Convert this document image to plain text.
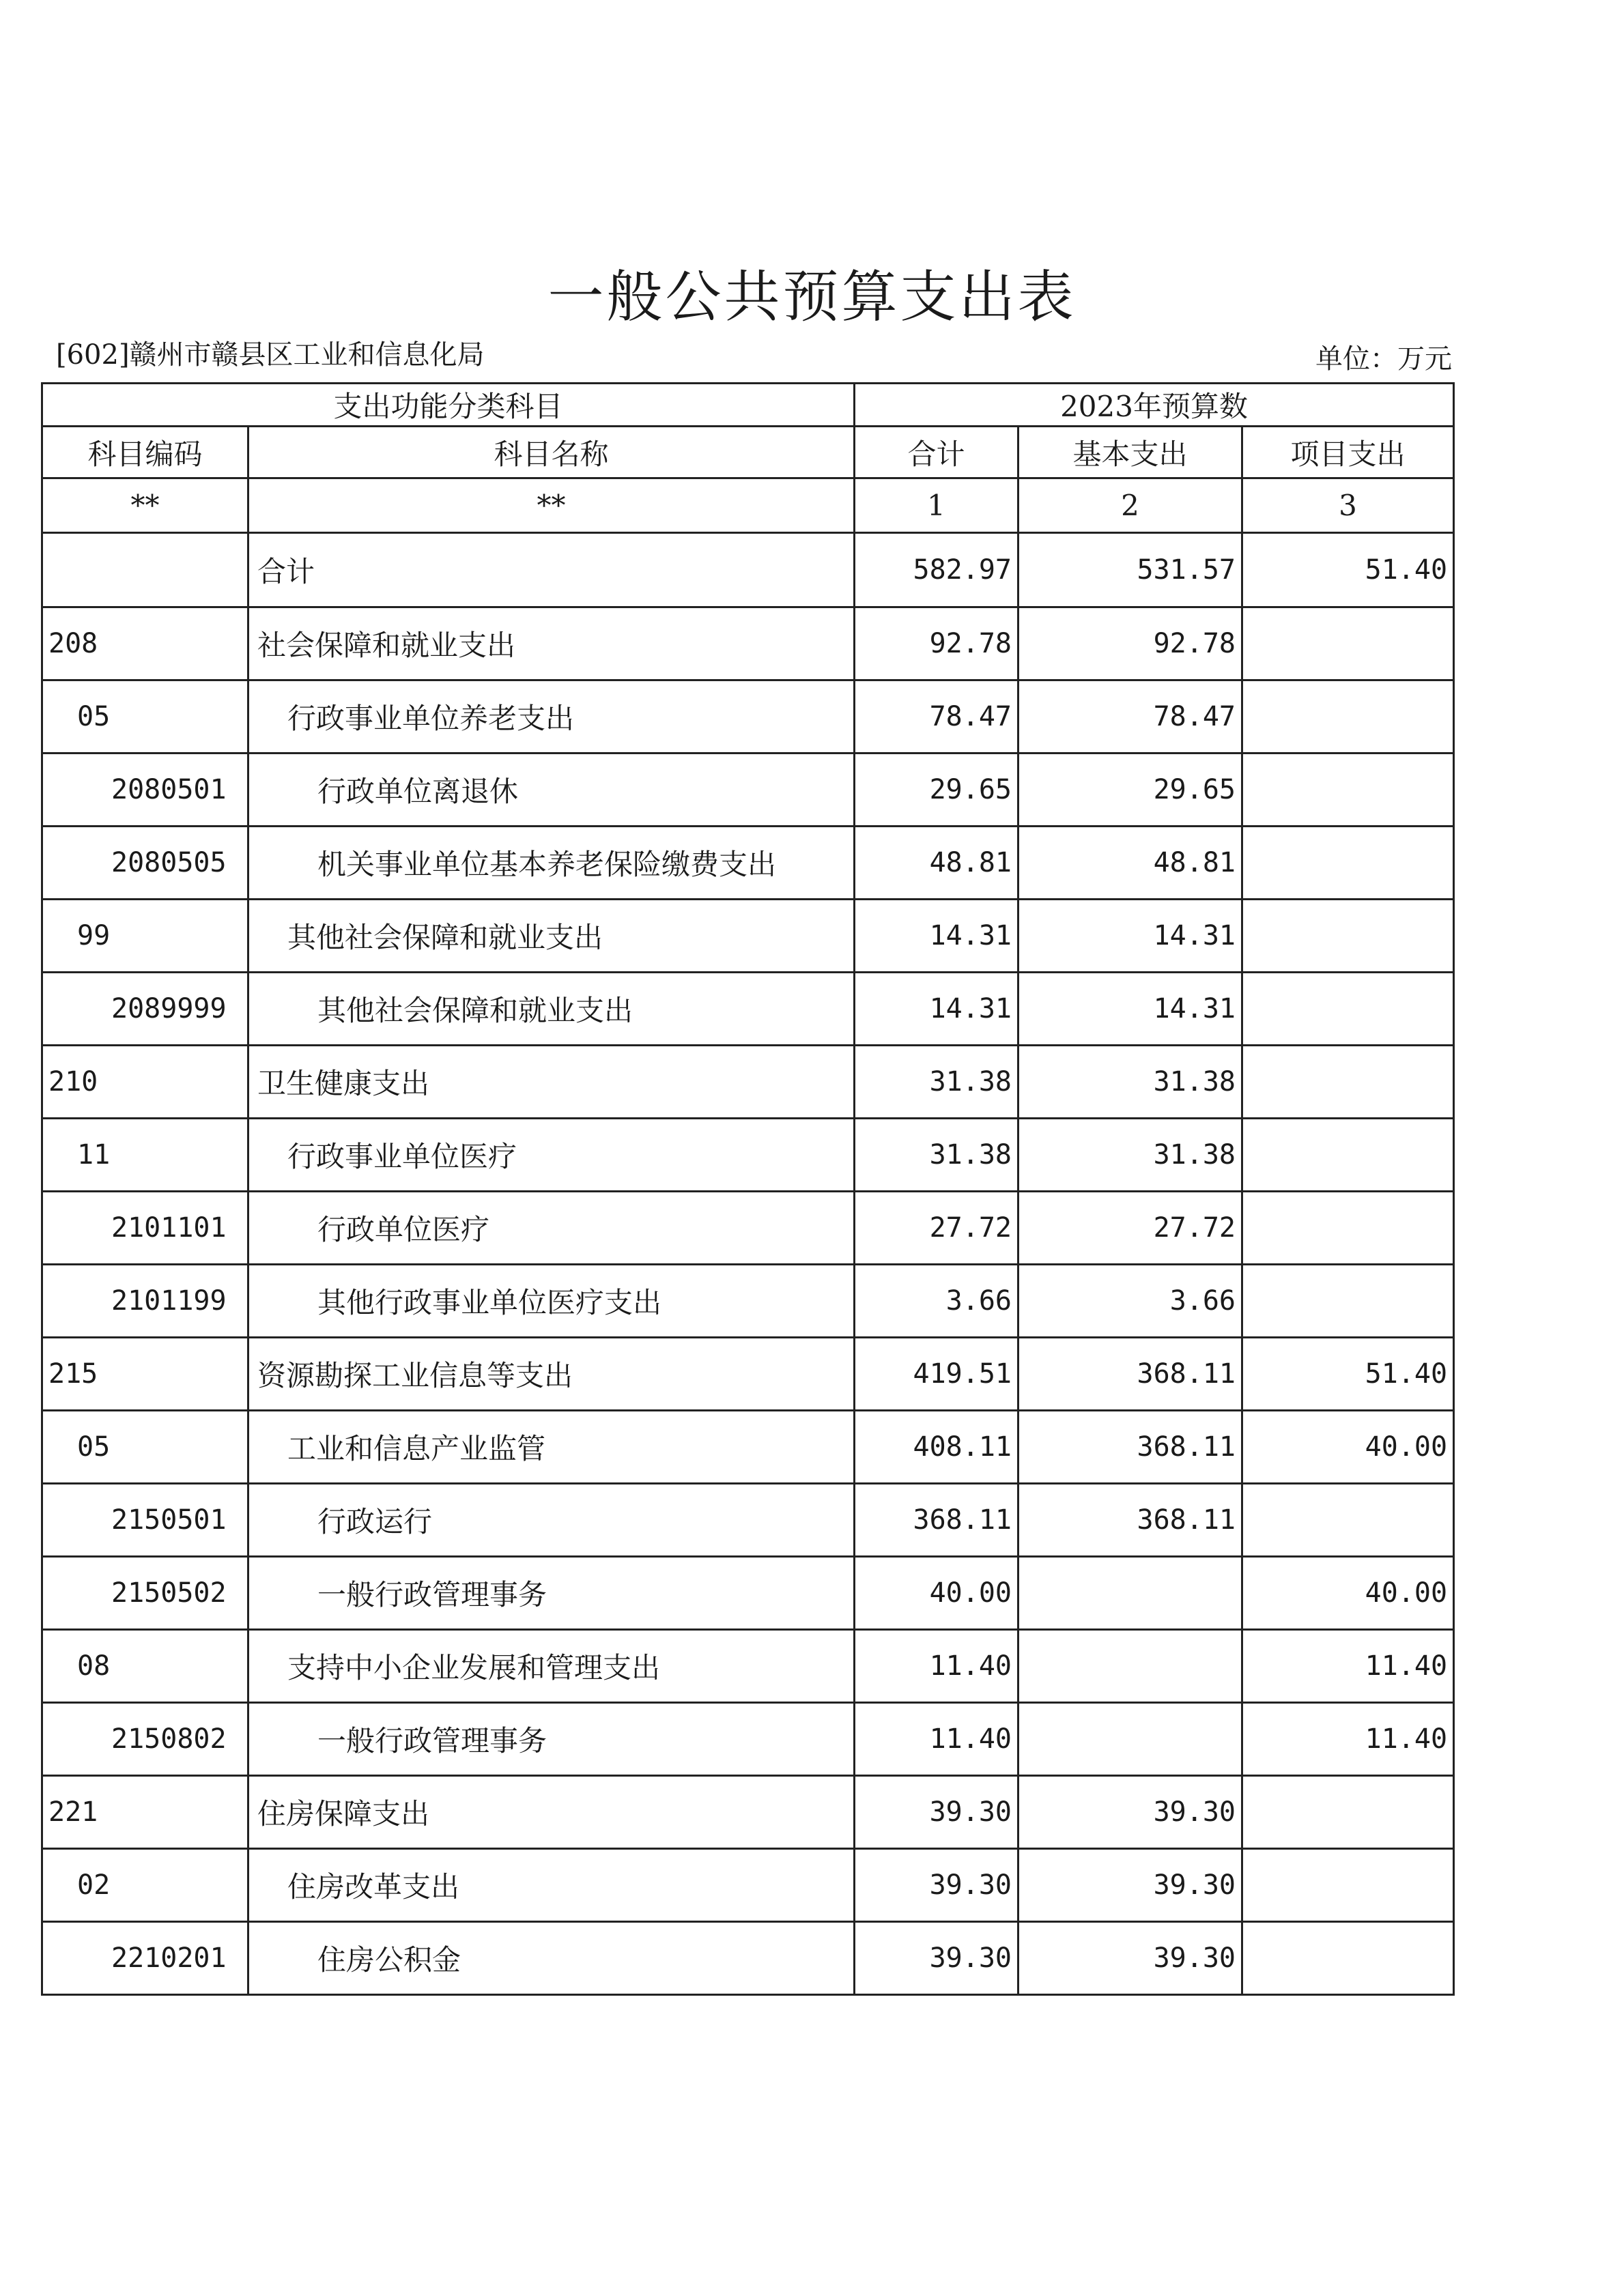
一般公共预算支出表
[602]赣州市赣县区工业和信息化局	单位：万元
支出功能分类科目		2023年预算数		
科目编码	科目名称	合计	基本支出	项目支出
**	**	1	2	3
	合计	582.97	531.57	51.40
208	社会保障和就业支出	92.78	92.78	
05	行政事业单位养老支出	78.47	78.47	
2080501	行政单位离退休	29.65	29.65	
2080505	机关事业单位基本养老保险缴费支出	48.81	48.81	
99	其他社会保障和就业支出	14.31	14.31	
2089999	其他社会保障和就业支出	14.31	14.31	
210	卫生健康支出	31.38	31.38	
11	行政事业单位医疗	31.38	31.38	
2101101	行政单位医疗	27.72	27.72	
2101199	其他行政事业单位医疗支出	3.66	3.66	
215	资源勘探工业信息等支出	419.51	368.11	51.40
05	工业和信息产业监管	408.11	368.11	40.00
2150501	行政运行	368.11	368.11	
2150502	一般行政管理事务	40.00		40.00
08	支持中小企业发展和管理支出	11.40		11.40
2150802	一般行政管理事务	11.40		11.40
221	住房保障支出	39.30	39.30	
02	住房改革支出	39.30	39.30	
2210201	住房公积金	39.30	39.30	
